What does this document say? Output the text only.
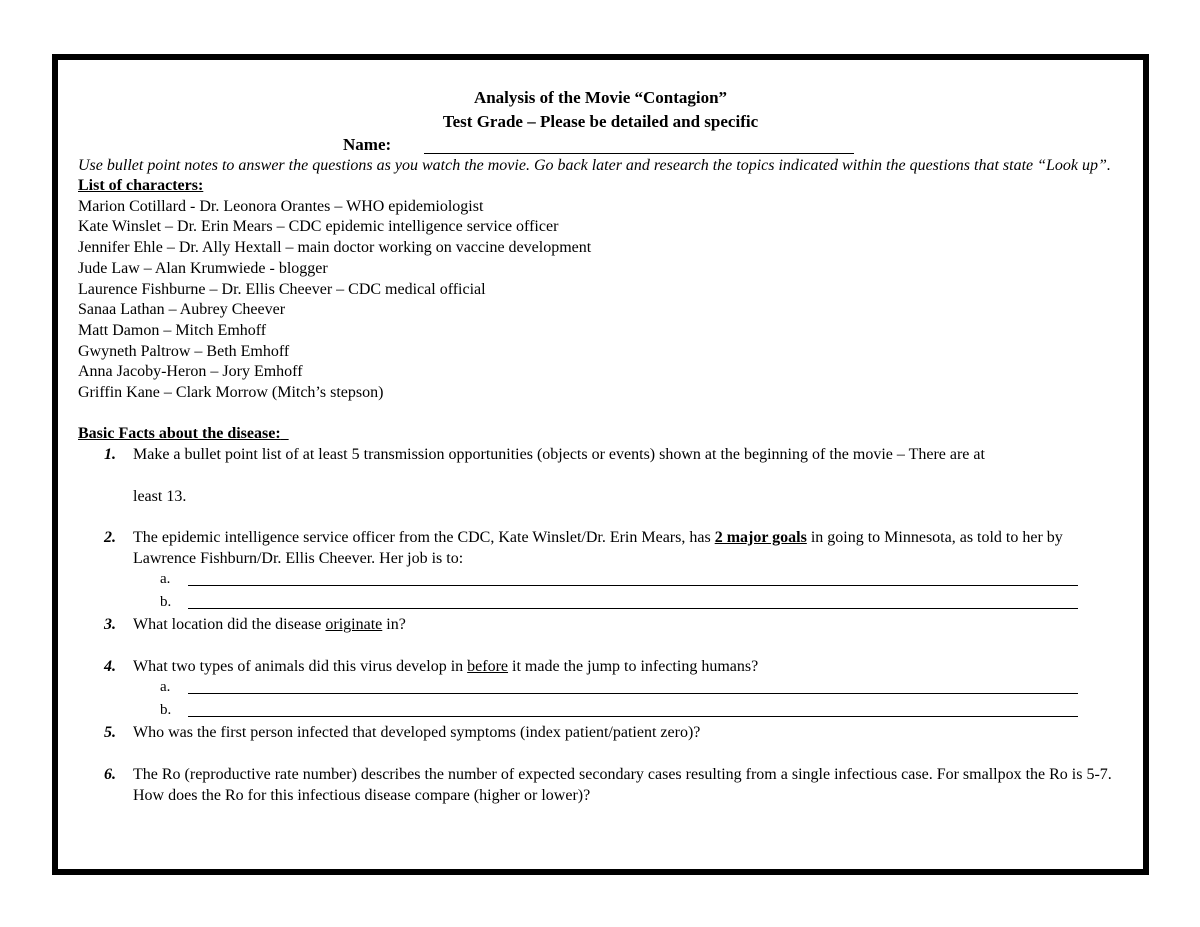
Analysis of the Movie “Contagion”
Test Grade – Please be detailed and specific
Name:
Use bullet point notes to answer the questions as you watch the movie. Go back later and research the topics indicated within the questions that state “Look up”.
List of characters:
Marion Cotillard - Dr. Leonora Orantes – WHO epidemiologist
Kate Winslet – Dr. Erin Mears – CDC epidemic intelligence service officer
Jennifer Ehle – Dr. Ally Hextall – main doctor working on vaccine development
Jude Law – Alan Krumwiede - blogger
Laurence Fishburne – Dr. Ellis Cheever – CDC medical official
Sanaa Lathan – Aubrey Cheever
Matt Damon – Mitch Emhoff
Gwyneth Paltrow – Beth Emhoff
Anna Jacoby-Heron – Jory Emhoff
Griffin Kane – Clark Morrow (Mitch’s stepson)
Basic Facts about the disease:
1. Make a bullet point list of at least 5 transmission opportunities (objects or events) shown at the beginning of the movie – There are at
least 13.
2. The epidemic intelligence service officer from the CDC, Kate Winslet/Dr. Erin Mears, has 2 major goals in going to Minnesota, as told to her by Lawrence Fishburn/Dr. Ellis Cheever. Her job is to:
a.
b.
3. What location did the disease originate in?
4. What two types of animals did this virus develop in before it made the jump to infecting humans?
a.
b.
5. Who was the first person infected that developed symptoms (index patient/patient zero)?
6. The Ro (reproductive rate number) describes the number of expected secondary cases resulting from a single infectious case. For smallpox the Ro is 5-7. How does the Ro for this infectious disease compare (higher or lower)?
